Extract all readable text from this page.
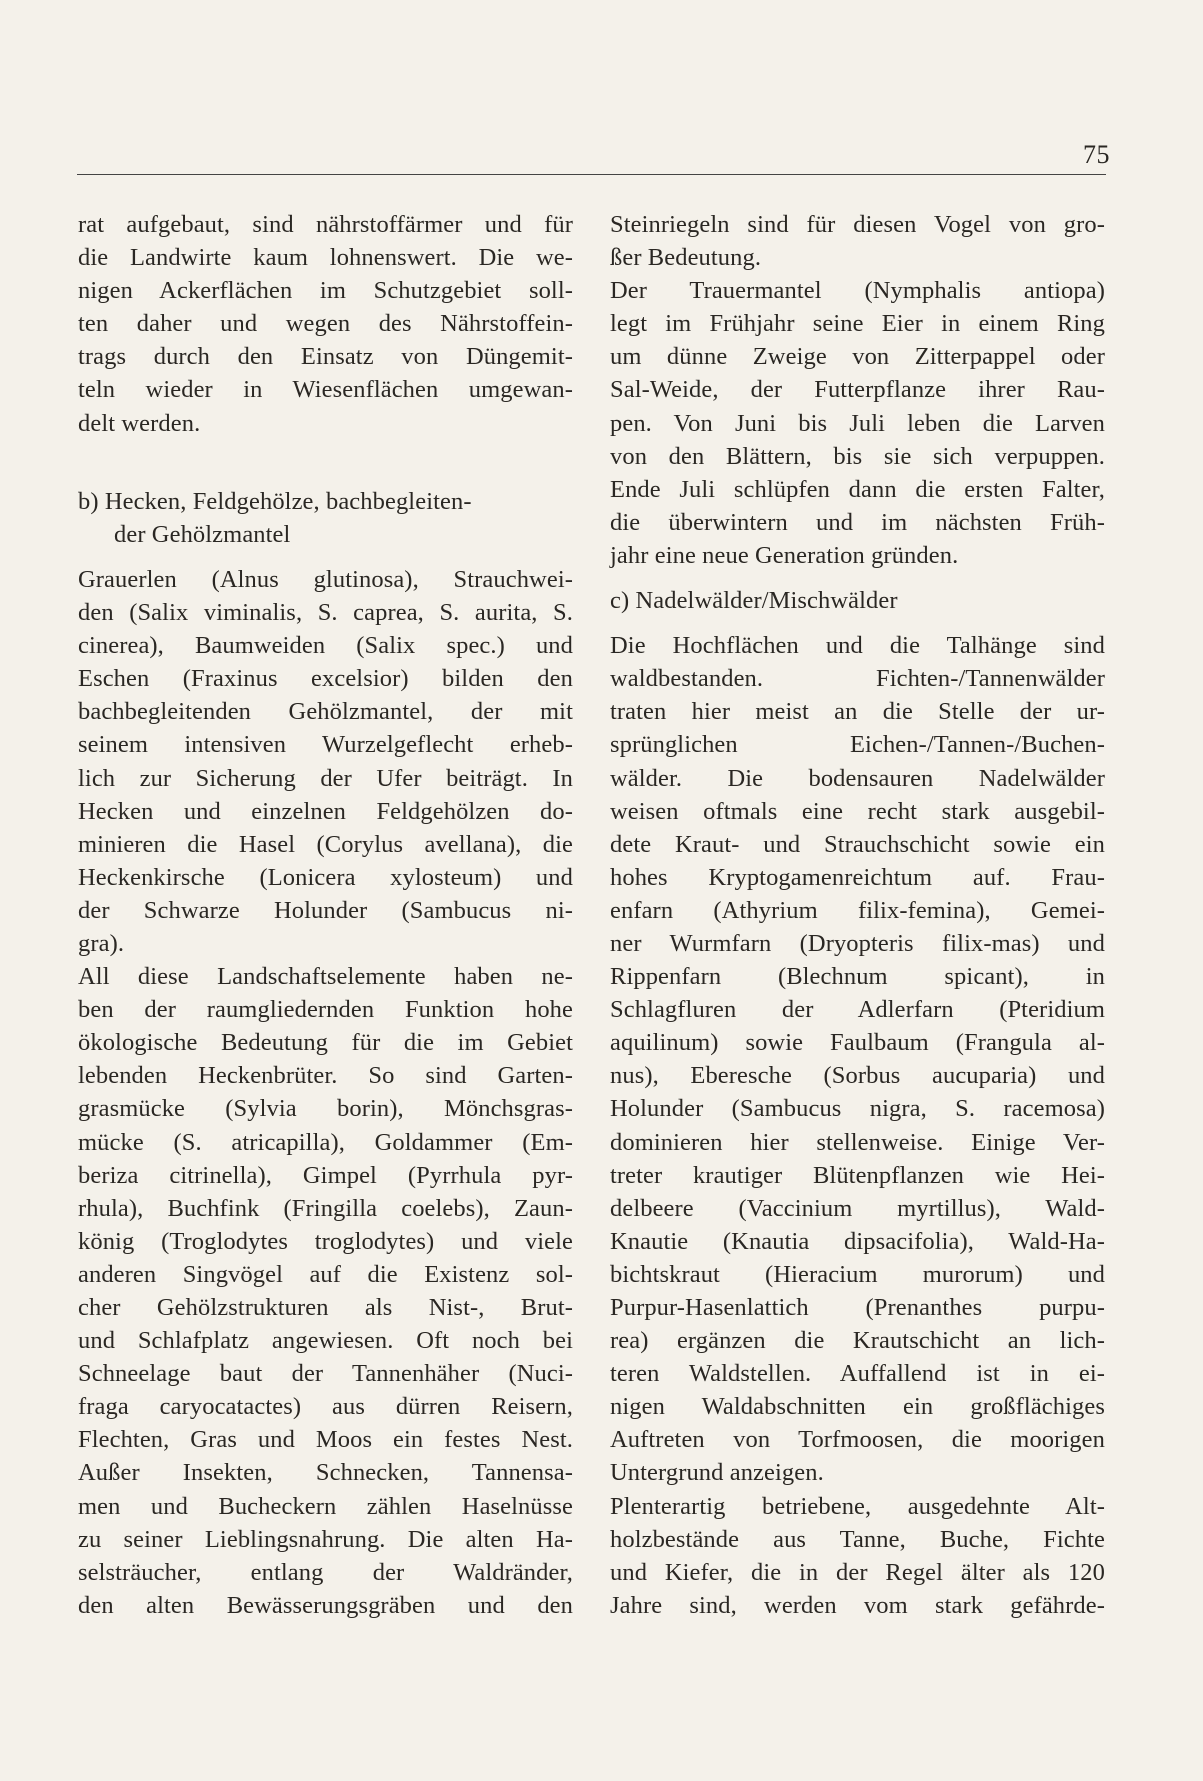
75
rat aufgebaut, sind nährstoffärmer und für
die Landwirte kaum lohnenswert. Die we-
nigen Ackerflächen im Schutzgebiet soll-
ten daher und wegen des Nährstoffein-
trags durch den Einsatz von Düngemit-
teln wieder in Wiesenflächen umgewan-
delt werden.
b) Hecken, Feldgehölze, bachbegleiten-
der Gehölzmantel
Grauerlen (Alnus glutinosa), Strauchwei-
den (Salix viminalis, S. caprea, S. aurita, S.
cinerea), Baumweiden (Salix spec.) und
Eschen (Fraxinus excelsior) bilden den
bachbegleitenden Gehölzmantel, der mit
seinem intensiven Wurzelgeflecht erheb-
lich zur Sicherung der Ufer beiträgt. In
Hecken und einzelnen Feldgehölzen do-
minieren die Hasel (Corylus avellana), die
Heckenkirsche (Lonicera xylosteum) und
der Schwarze Holunder (Sambucus ni-
gra).
All diese Landschaftselemente haben ne-
ben der raumgliedernden Funktion hohe
ökologische Bedeutung für die im Gebiet
lebenden Heckenbrüter. So sind Garten-
grasmücke (Sylvia borin), Mönchsgras-
mücke (S. atricapilla), Goldammer (Em-
beriza citrinella), Gimpel (Pyrrhula pyr-
rhula), Buchfink (Fringilla coelebs), Zaun-
könig (Troglodytes troglodytes) und viele
anderen Singvögel auf die Existenz sol-
cher Gehölzstrukturen als Nist-, Brut-
und Schlafplatz angewiesen. Oft noch bei
Schneelage baut der Tannenhäher (Nuci-
fraga caryocatactes) aus dürren Reisern,
Flechten, Gras und Moos ein festes Nest.
Außer Insekten, Schnecken, Tannensa-
men und Bucheckern zählen Haselnüsse
zu seiner Lieblingsnahrung. Die alten Ha-
selsträucher, entlang der Waldränder,
den alten Bewässerungsgräben und den
Steinriegeln sind für diesen Vogel von gro-
ßer Bedeutung.
Der Trauermantel (Nymphalis antiopa)
legt im Frühjahr seine Eier in einem Ring
um dünne Zweige von Zitterpappel oder
Sal-Weide, der Futterpflanze ihrer Rau-
pen. Von Juni bis Juli leben die Larven
von den Blättern, bis sie sich verpuppen.
Ende Juli schlüpfen dann die ersten Falter,
die überwintern und im nächsten Früh-
jahr eine neue Generation gründen.
c) Nadelwälder/Mischwälder
Die Hochflächen und die Talhänge sind
waldbestanden. Fichten-/Tannenwälder
traten hier meist an die Stelle der ur-
sprünglichen Eichen-/Tannen-/Buchen-
wälder. Die bodensauren Nadelwälder
weisen oftmals eine recht stark ausgebil-
dete Kraut- und Strauchschicht sowie ein
hohes Kryptogamenreichtum auf. Frau-
enfarn (Athyrium filix-femina), Gemei-
ner Wurmfarn (Dryopteris filix-mas) und
Rippenfarn (Blechnum spicant), in
Schlagfluren der Adlerfarn (Pteridium
aquilinum) sowie Faulbaum (Frangula al-
nus), Eberesche (Sorbus aucuparia) und
Holunder (Sambucus nigra, S. racemosa)
dominieren hier stellenweise. Einige Ver-
treter krautiger Blütenpflanzen wie Hei-
delbeere (Vaccinium myrtillus), Wald-
Knautie (Knautia dipsacifolia), Wald-Ha-
bichtskraut (Hieracium murorum) und
Purpur-Hasenlattich (Prenanthes purpu-
rea) ergänzen die Krautschicht an lich-
teren Waldstellen. Auffallend ist in ei-
nigen Waldabschnitten ein großflächiges
Auftreten von Torfmoosen, die moorigen
Untergrund anzeigen.
Plenterartig betriebene, ausgedehnte Alt-
holzbestände aus Tanne, Buche, Fichte
und Kiefer, die in der Regel älter als 120
Jahre sind, werden vom stark gefährde-
